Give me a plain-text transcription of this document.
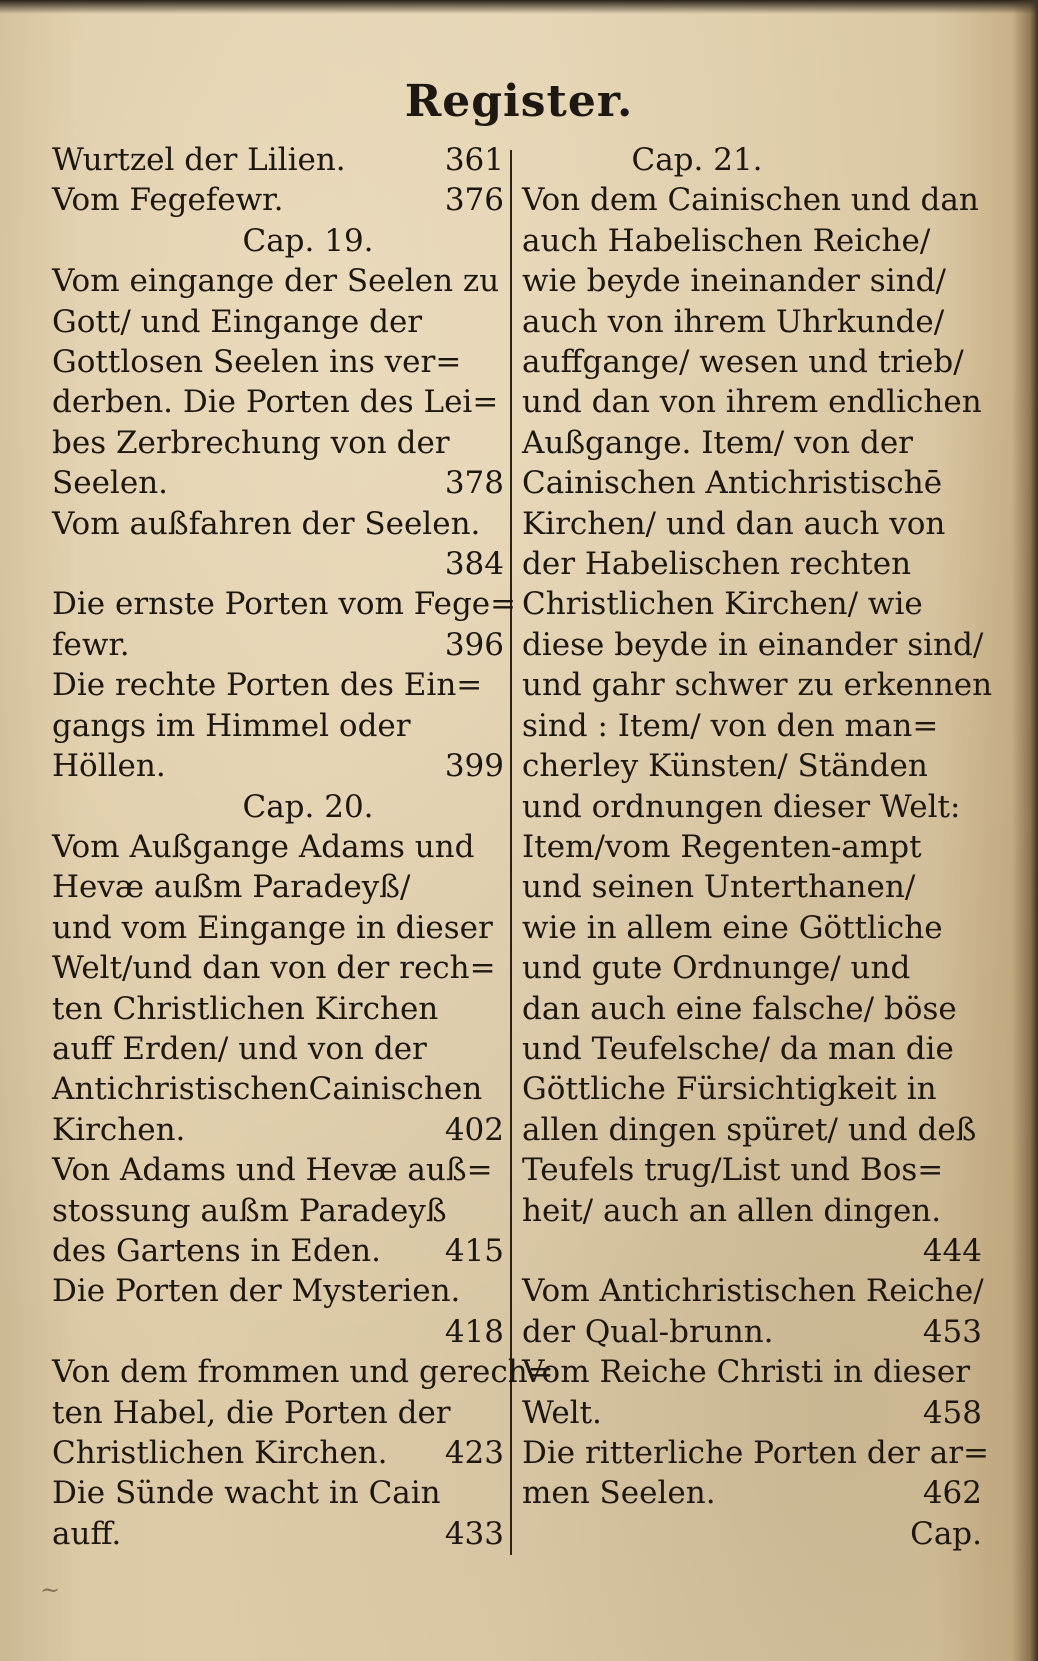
Register.
361
Wurtzel der Lilien.
376
Vom Fegefewr.
Cap. 19.
Vom eingange der Seelen zu
Gott/ und Eingange der
Gottlosen Seelen ins ver=
derben. Die Porten des Lei=
bes Zerbrechung von der
378
Seelen.
Vom außfahren der Seelen.
384
Die ernste Porten vom Fege=
396
fewr.
Die rechte Porten des Ein=
gangs im Himmel oder
399
Höllen.
Cap. 20.
Vom Außgange Adams und
Hevæ außm Paradeyß/
und vom Eingange in dieser
Welt/und dan von der rech=
ten Christlichen Kirchen
auff Erden/ und von der
AntichristischenCainischen
402
Kirchen.
Von Adams und Hevæ auß=
stossung außm Paradeyß
415
des Gartens in Eden.
Die Porten der Mysterien.
418
Von dem frommen und gerech=
ten Habel, die Porten der
423
Christlichen Kirchen.
Die Sünde wacht in Cain
433
auff.
Cap. 21.
Von dem Cainischen und dan
auch Habelischen Reiche/
wie beyde ineinander sind/
auch von ihrem Uhrkunde/
auffgange/ wesen und trieb/
und dan von ihrem endlichen
Außgange. Item/ von der
Cainischen Antichristischē
Kirchen/ und dan auch von
der Habelischen rechten
Christlichen Kirchen/ wie
diese beyde in einander sind/
und gahr schwer zu erkennen
sind : Item/ von den man=
cherley Künsten/ Ständen
und ordnungen dieser Welt:
Item/vom Regenten-ampt
und seinen Unterthanen/
wie in allem eine Göttliche
und gute Ordnunge/ und
dan auch eine falsche/ böse
und Teufelsche/ da man die
Göttliche Fürsichtigkeit in
allen dingen spüret/ und deß
Teufels trug/List und Bos=
heit/ auch an allen dingen.
444
Vom Antichristischen Reiche/
453
der Qual-brunn.
Vom Reiche Christi in dieser
458
Welt.
Die ritterliche Porten der ar=
462
men Seelen.
Cap.
~
